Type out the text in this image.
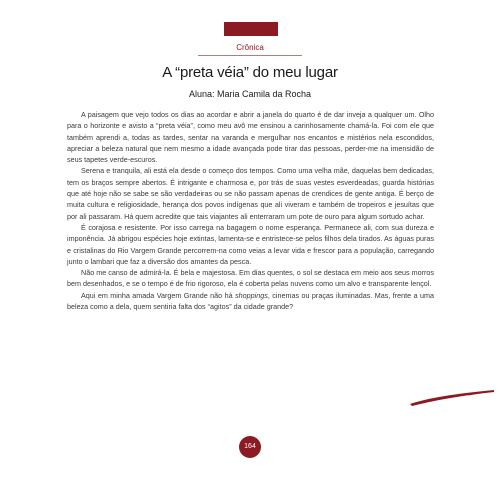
Crônica
A “preta véia” do meu lugar
Aluna: Maria Camila da Rocha

A paisagem que vejo todos os dias ao acordar e abrir a janela do quarto é de dar inveja a qualquer um. Olho para o horizonte e avisto a “preta véia”, como meu avô me ensinou a carinhosamente chamá-la. Foi com ele que também aprendi a, todas as tardes, sentar na varanda e mergulhar nos encantos e mistérios nela escondidos, apreciar a beleza natural que nem mesmo a idade avançada pode tirar das pessoas, perder-me na imensidão de seus tapetes verde-escuros.

Serena e tranquila, ali está ela desde o começo dos tempos. Como uma velha mãe, daquelas bem dedicadas, tem os braços sempre abertos. É intrigante e charmosa e, por trás de suas vestes esverdeadas, guarda histórias que até hoje não se sabe se são verdadeiras ou se não passam apenas de crendices de gente antiga. É berço de muita cultura e religiosidade, herança dos povos indígenas que ali viveram e também de tropeiros e jesuítas que por ali passaram. Há quem acredite que tais viajantes ali enterraram um pote de ouro para algum sortudo achar.

É corajosa e resistente. Por isso carrega na bagagem o nome esperança. Permanece ali, com sua dureza e imponência. Já abrigou espécies hoje extintas, lamenta-se e entristece-se pelos filhos dela tirados. As águas puras e cristalinas do Rio Vargem Grande percorrem-na como veias a levar vida e frescor para a população, carregando junto o lambari que faz a diversão dos amantes da pesca.

Não me canso de admirá-la. É bela e majestosa. Em dias quentes, o sol se destaca em meio aos seus morros bem desenhados, e se o tempo é de frio rigoroso, ela é coberta pelas nuvens como um alvo e transparente lençol.

Aqui em minha amada Vargem Grande não há shoppings, cinemas ou praças iluminadas. Mas, frente a uma beleza como a dela, quem sentiria falta dos “agitos” da cidade grande?

164
